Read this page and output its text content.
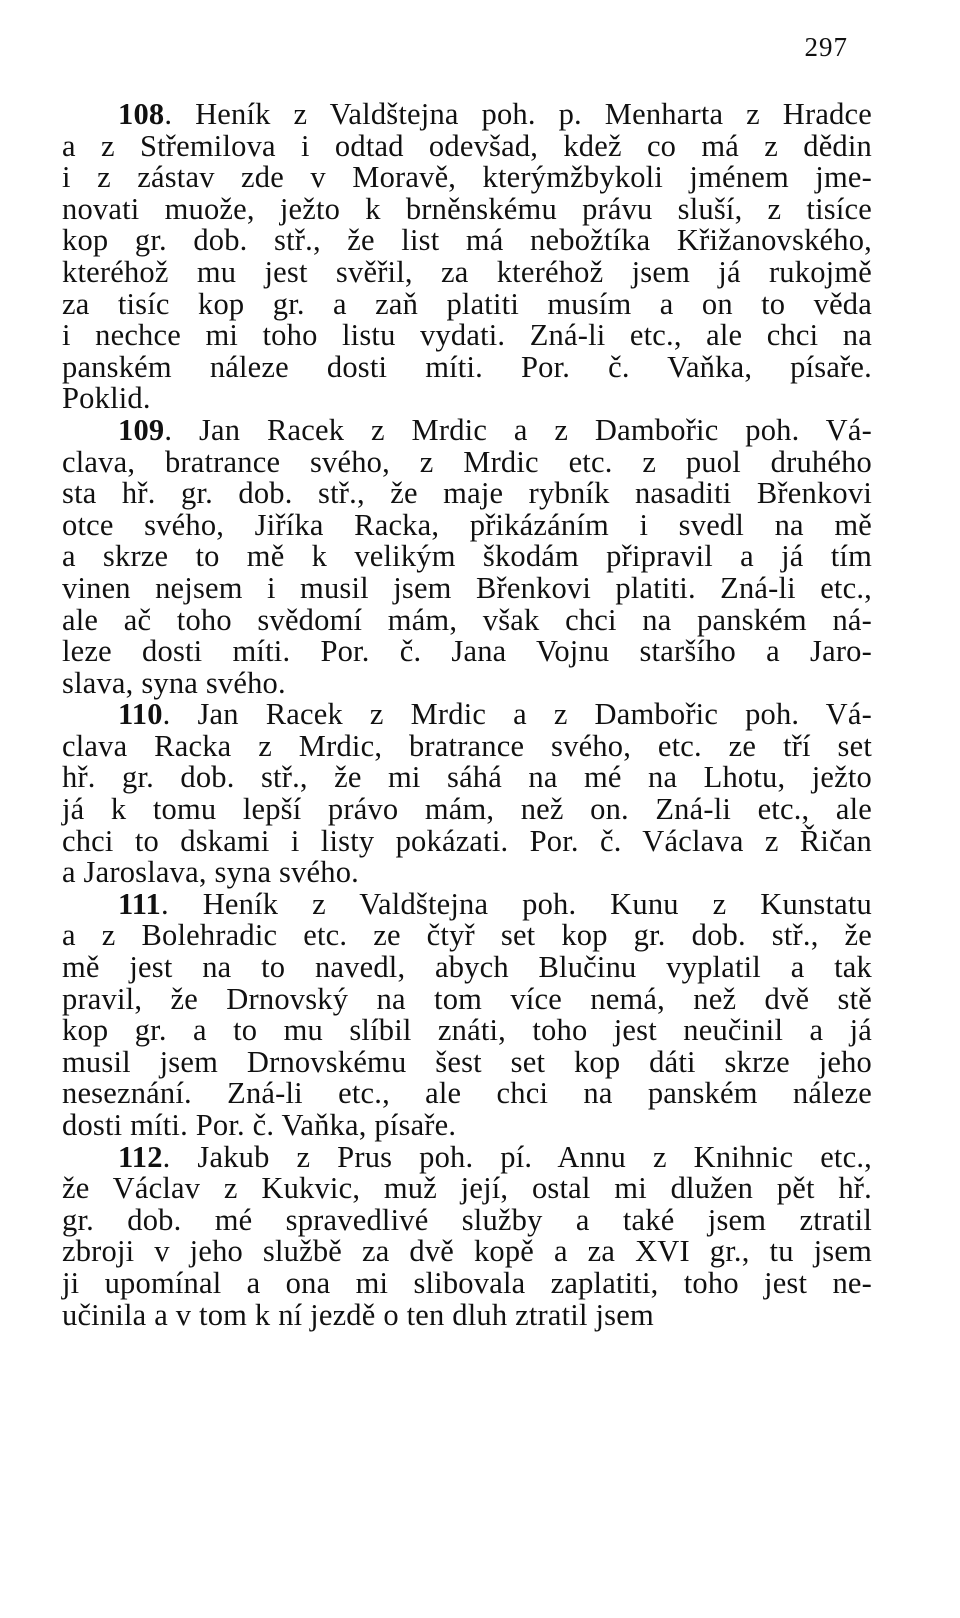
297
108. Heník z Valdštejna poh. p. Menharta z Hradce
a z Střemilova i odtad odevšad, kdež co má z dědin
i z zástav zde v Moravě, kterýmžbykoli jménem jme-
novati muože, ježto k brněnskému právu sluší, z tisíce
kop gr. dob. stř., že list má nebožtíka Křižanovského,
kteréhož mu jest svěřil, za kteréhož jsem já rukojmě
za tisíc kop gr. a zaň platiti musím a on to věda
i nechce mi toho listu vydati. Zná-li etc., ale chci na
panském náleze dosti míti. Por. č. Vaňka, písaře.
Poklid.
109. Jan Racek z Mrdic a z Dambořic poh. Vá-
clava, bratrance svého, z Mrdic etc. z puol druhého
sta hř. gr. dob. stř., že maje rybník nasaditi Břenkovi
otce svého, Jiříka Racka, přikázáním i svedl na mě
a skrze to mě k velikým škodám připravil a já tím
vinen nejsem i musil jsem Břenkovi platiti. Zná-li etc.,
ale ač toho svědomí mám, však chci na panském ná-
leze dosti míti. Por. č. Jana Vojnu staršího a Jaro-
slava, syna svého.
110. Jan Racek z Mrdic a z Dambořic poh. Vá-
clava Racka z Mrdic, bratrance svého, etc. ze tří set
hř. gr. dob. stř., že mi sáhá na mé na Lhotu, ježto
já k tomu lepší právo mám, než on. Zná-li etc., ale
chci to dskami i listy pokázati. Por. č. Václava z Řičan
a Jaroslava, syna svého.
111. Heník z Valdštejna poh. Kunu z Kunstatu
a z Bolehradic etc. ze čtyř set kop gr. dob. stř., že
mě jest na to navedl, abych Blučinu vyplatil a tak
pravil, že Drnovský na tom více nemá, než dvě stě
kop gr. a to mu slíbil znáti, toho jest neučinil a já
musil jsem Drnovskému šest set kop dáti skrze jeho
neseznání. Zná-li etc., ale chci na panském náleze
dosti míti. Por. č. Vaňka, písaře.
112. Jakub z Prus poh. pí. Annu z Knihnic etc.,
že Václav z Kukvic, muž její, ostal mi dlužen pět hř.
gr. dob. mé spravedlivé služby a také jsem ztratil
zbroji v jeho službě za dvě kopě a za XVI gr., tu jsem
ji upomínal a ona mi slibovala zaplatiti, toho jest ne-
učinila a v tom k ní jezdě o ten dluh ztratil jsem
